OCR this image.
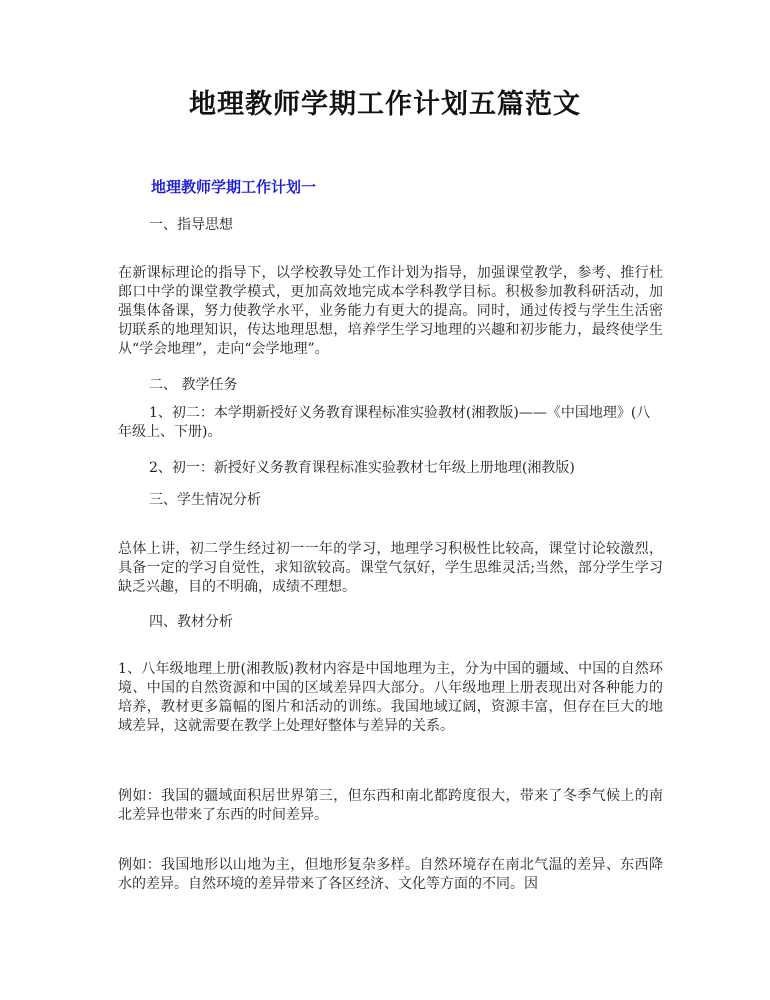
地理教师学期工作计划五篇范文
地理教师学期工作计划一

一、指导思想

在新课标理论的指导下，以学校教导处工作计划为指导，加强课堂教学，参考、推行杜郎口中学的课堂教学模式，更加高效地完成本学科教学目标。积极参加教科研活动，加强集体备课，努力使教学水平，业务能力有更大的提高。同时，通过传授与学生生活密切联系的地理知识，传达地理思想，培养学生学习地理的兴趣和初步能力，最终使学生从“学会地理”，走向“会学地理”。

二、 教学任务

1、初二：本学期新授好义务教育课程标准实验教材(湘教版)——《中国地理》(八年级上、下册)。

2、初一：新授好义务教育课程标准实验教材七年级上册地理(湘教版)

三、学生情况分析

总体上讲，初二学生经过初一一年的学习，地理学习积极性比较高，课堂讨论较激烈，具备一定的学习自觉性，求知欲较高。课堂气氛好，学生思维灵活;当然，部分学生学习缺乏兴趣，目的不明确，成绩不理想。

四、教材分析

1、八年级地理上册(湘教版)教材内容是中国地理为主，分为中国的疆域、中国的自然环境、中国的自然资源和中国的区域差异四大部分。八年级地理上册表现出对各种能力的培养，教材更多篇幅的图片和活动的训练。我国地域辽阔，资源丰富，但存在巨大的地域差异，这就需要在教学上处理好整体与差异的关系。

例如：我国的疆域面积居世界第三，但东西和南北都跨度很大，带来了冬季气候上的南北差异也带来了东西的时间差异。

例如：我国地形以山地为主，但地形复杂多样。自然环境存在南北气温的差异、东西降水的差异。自然环境的差异带来了各区经济、文化等方面的不同。因
